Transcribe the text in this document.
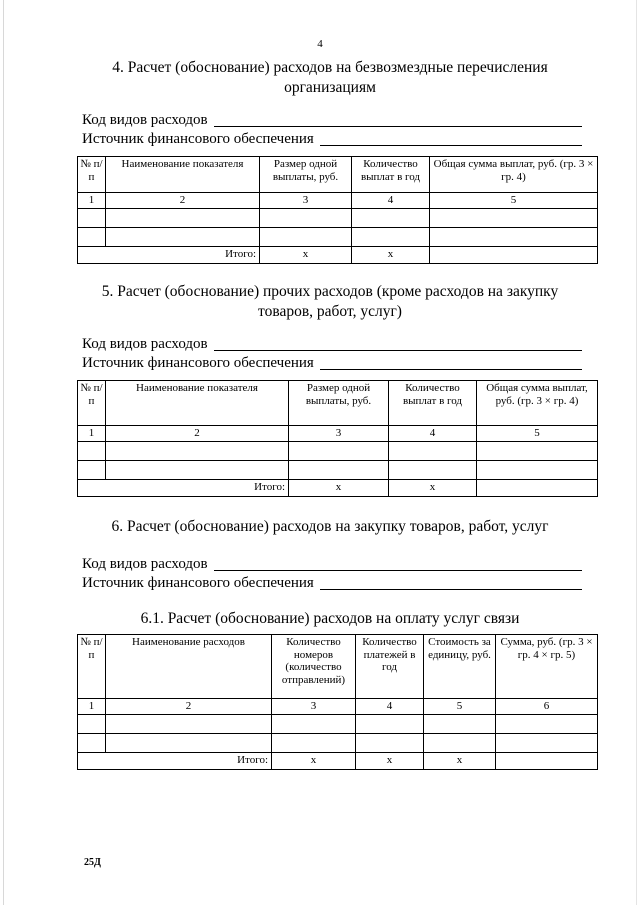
4
4. Расчет (обоснование) расходов на безвозмездные перечисления организациям
Код видов расходов
Источник финансового обеспечения
№ п/п	Наименование показателя	Размер одной выплаты, руб.	Количество выплат в год	Общая сумма выплат, руб. (гр. 3 × гр. 4)
1	2	3	4	5

Итого:		х	х	
5. Расчет (обоснование) прочих расходов (кроме расходов на закупку товаров, работ, услуг)
Код видов расходов
Источник финансового обеспечения
№ п/п	Наименование показателя	Размер одной выплаты, руб.	Количество выплат в год	Общая сумма выплат, руб. (гр. 3 × гр. 4)
1	2	3	4	5

Итого:		х	х	
6. Расчет (обоснование) расходов на закупку товаров, работ, услуг
Код видов расходов
Источник финансового обеспечения
6.1. Расчет (обоснование) расходов на оплату услуг связи
№ п/п	Наименование расходов	Количество номеров (количество отправлений)	Количество платежей в год	Стоимость за единицу, руб.	Сумма, руб. (гр. 3 × гр. 4 × гр. 5)
1	2	3	4	5	6

Итого:		х	х	х	
25Д
